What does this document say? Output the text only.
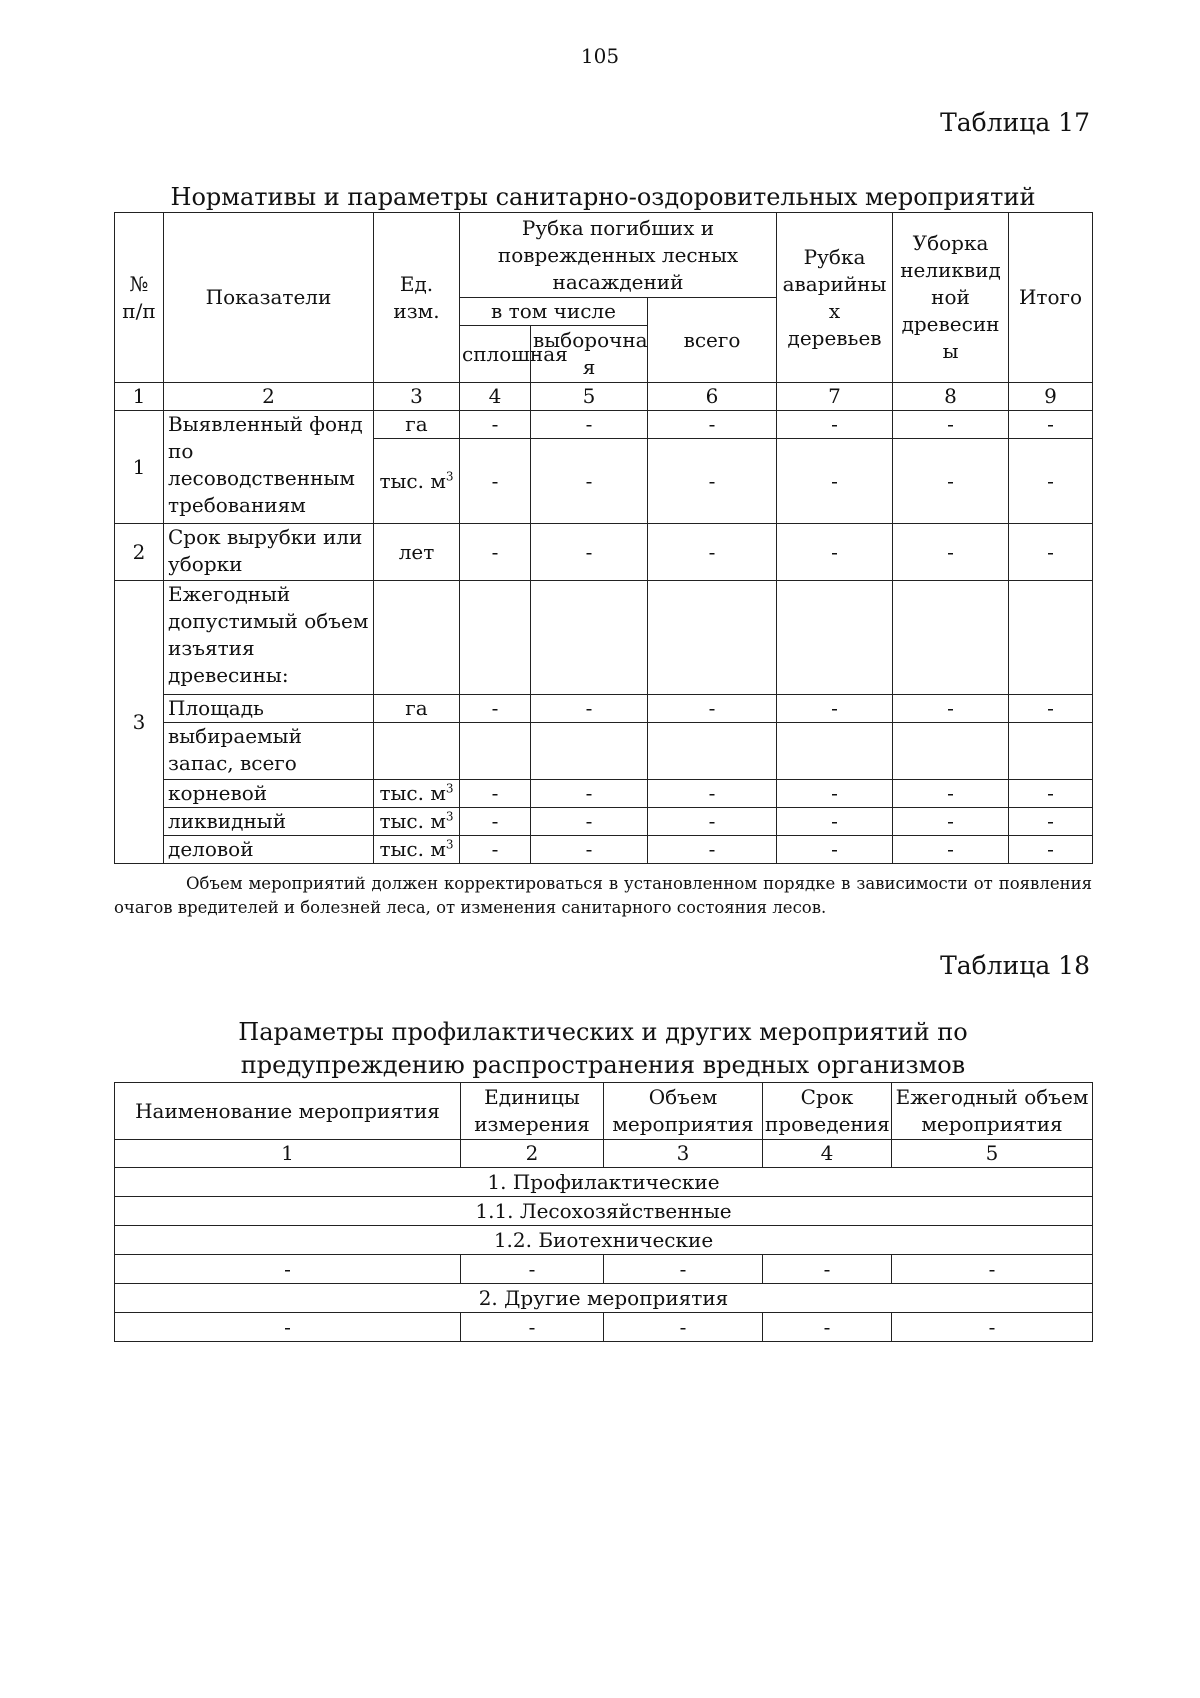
105
Таблица 17
Нормативы и параметры санитарно-оздоровительных мероприятий
№ п/п	Показатели	Ед. изм.	Рубка погибших и поврежденных лесных насаждений			Рубка аварийны х деревьев	Уборка неликвид ной древесин ы	Итого
			в том числе		всего			
			сплошная	выборочна я				
1	2	3	4	5	6	7	8	9
1	Выявленный фонд по лесоводственным требованиям	га	-	-	-	-	-	-
		тыс. $м^3$	-	-	-	-	-	-
2	Срок вырубки или уборки	лет	-	-	-	-	-	-
3	Ежегодный допустимый объем изъятия древесины:							
	Площадь	га	-	-	-	-	-	-
	выбираемый запас, всего							
	корневой	тыс. $м^3$	-	-	-	-	-	-
	ликвидный	тыс. $м^3$	-	-	-	-	-	-
	деловой	тыс. $м^3$	-	-	-	-	-	-
Объем мероприятий должен корректироваться в установленном порядке в зависимости от появления очагов вредителей и болезней леса, от изменения санитарного состояния лесов.
Таблица 18
Параметры профилактических и других мероприятий по
предупреждению распространения вредных организмов
Наименование мероприятия	Единицы измерения	Объем мероприятия	Срок проведения	Ежегодный объем мероприятия
1	2	3	4	5
1. Профилактические				
1.1. Лесохозяйственные				
1.2. Биотехнические				
-	-	-	-	-
2. Другие мероприятия				
-	-	-	-	-
